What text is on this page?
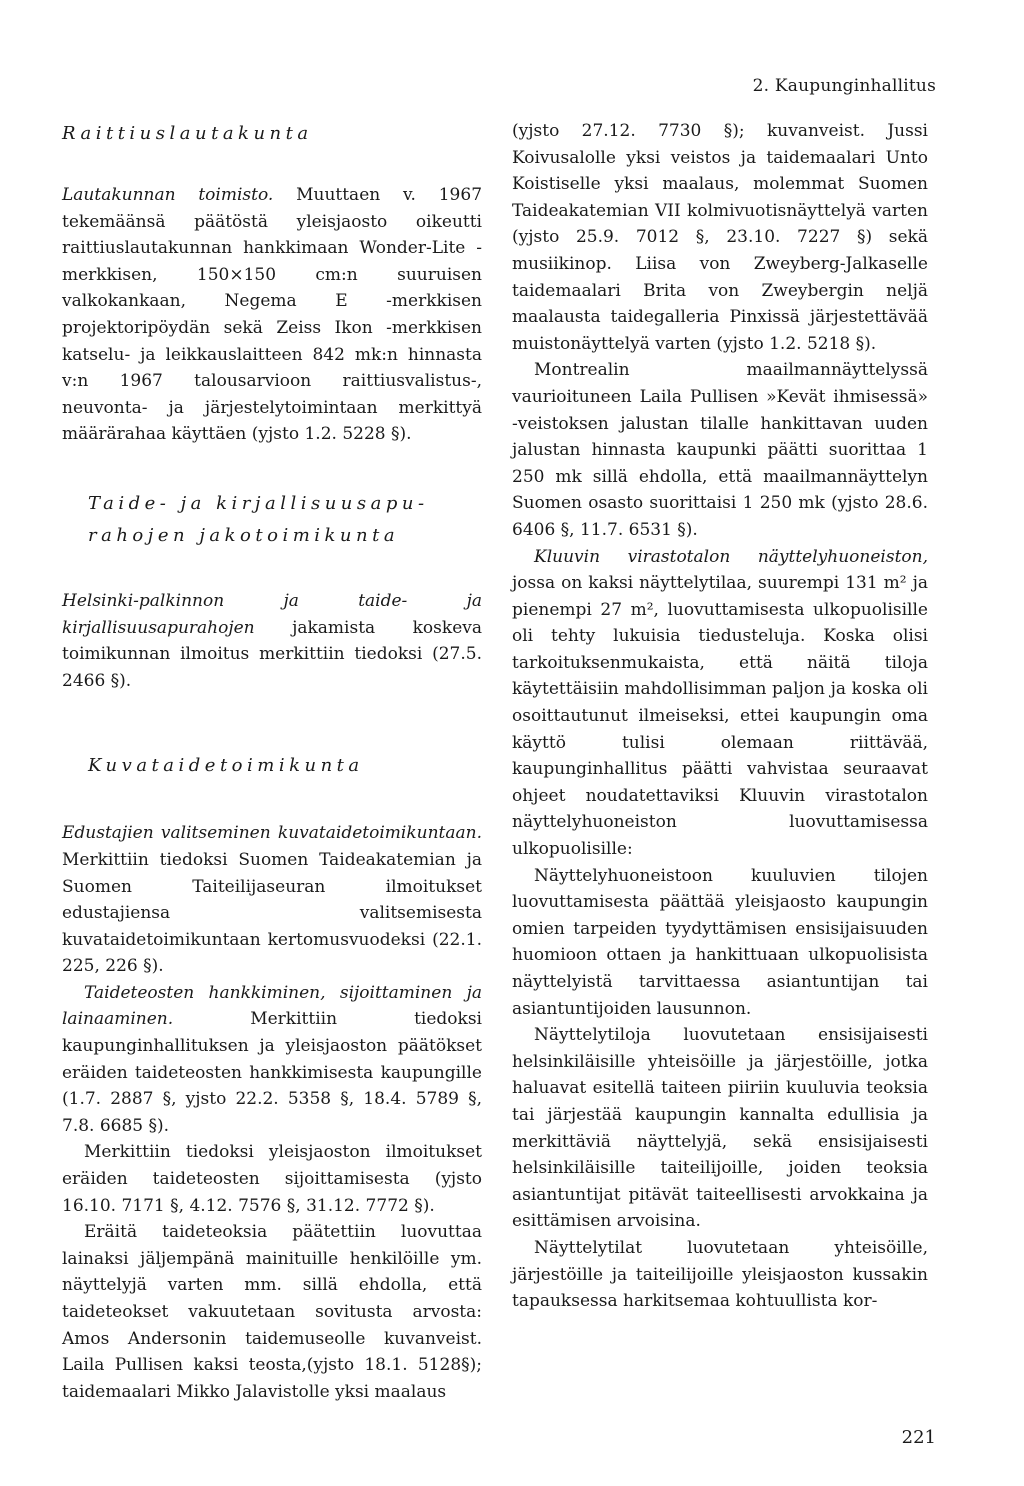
2. Kaupunginhallitus
Raittiuslautakunta

Lautakunnan toimisto. Muuttaen v. 1967 tekemäänsä päätöstä yleisjaosto oikeutti raittiuslautakunnan hankkimaan Wonder-Lite -merkkisen, 150×150 cm:n suuruisen valkokankaan, Negema E -merkkisen projektoripöydän sekä Zeiss Ikon -merkkisen katselu- ja leikkauslaitteen 842 mk:n hinnasta v:n 1967 talousarvioon raittiusvalistus-, neuvonta- ja järjestelytoimintaan merkittyä määrärahaa käyttäen (yjsto 1.2. 5228 §).

Taide- ja kirjallisuusapu-
rahojen jakotoimikunta

Helsinki-palkinnon ja taide- ja kirjallisuusapurahojen jakamista koskeva toimikunnan ilmoitus merkittiin tiedoksi (27.5. 2466 §).

Kuvataidetoimikunta

Edustajien valitseminen kuvataidetoimikuntaan. Merkittiin tiedoksi Suomen Taideakatemian ja Suomen Taiteilijaseuran ilmoitukset edustajiensa valitsemisesta kuvataidetoimikuntaan kertomusvuodeksi (22.1. 225, 226 §).

Taideteosten hankkiminen, sijoittaminen ja lainaaminen. Merkittiin tiedoksi kaupunginhallituksen ja yleisjaoston päätökset eräiden taideteosten hankkimisesta kaupungille (1.7. 2887 §, yjsto 22.2. 5358 §, 18.4. 5789 §, 7.8. 6685 §).

Merkittiin tiedoksi yleisjaoston ilmoitukset eräiden taideteosten sijoittamisesta (yjsto 16.10. 7171 §, 4.12. 7576 §, 31.12. 7772 §).

Eräitä taideteoksia päätettiin luovuttaa lainaksi jäljempänä mainituille henkilöille ym. näyttelyjä varten mm. sillä ehdolla, että taideteokset vakuutetaan sovitusta arvosta: Amos Andersonin taidemuseolle kuvanveist. Laila Pullisen kaksi teosta,(yjsto 18.1. 5128§); taidemaalari Mikko Jalavistolle yksi maalaus

(yjsto 27.12. 7730 §); kuvanveist. Jussi Koivusalolle yksi veistos ja taidemaalari Unto Koistiselle yksi maalaus, molemmat Suomen Taideakatemian VII kolmivuotisnäyttelyä varten (yjsto 25.9. 7012 §, 23.10. 7227 §) sekä musiikinop. Liisa von Zweyberg-Jalkaselle taidemaalari Brita von Zweybergin neljä maalausta taidegalleria Pinxissä järjestettävää muistonäyttelyä varten (yjsto 1.2. 5218 §).

Montrealin maailmannäyttelyssä vaurioituneen Laila Pullisen »Kevät ihmisessä» -veistoksen jalustan tilalle hankittavan uuden jalustan hinnasta kaupunki päätti suorittaa 1 250 mk sillä ehdolla, että maailmannäyttelyn Suomen osasto suorittaisi 1 250 mk (yjsto 28.6. 6406 §, 11.7. 6531 §).

Kluuvin virastotalon näyttelyhuoneiston, jossa on kaksi näyttelytilaa, suurempi 131 m² ja pienempi 27 m², luovuttamisesta ulkopuolisille oli tehty lukuisia tiedusteluja. Koska olisi tarkoituksenmukaista, että näitä tiloja käytettäisiin mahdollisimman paljon ja koska oli osoittautunut ilmeiseksi, ettei kaupungin oma käyttö tulisi olemaan riittävää, kaupunginhallitus päätti vahvistaa seuraavat ohjeet noudatettaviksi Kluuvin virastotalon näyttelyhuoneiston luovuttamisessa ulkopuolisille:

Näyttelyhuoneistoon kuuluvien tilojen luovuttamisesta päättää yleisjaosto kaupungin omien tarpeiden tyydyttämisen ensisijaisuuden huomioon ottaen ja hankittuaan ulkopuolisista näyttelyistä tarvittaessa asiantuntijan tai asiantuntijoiden lausunnon.

Näyttelytiloja luovutetaan ensisijaisesti helsinkiläisille yhteisöille ja järjestöille, jotka haluavat esitellä taiteen piiriin kuuluvia teoksia tai järjestää kaupungin kannalta edullisia ja merkittäviä näyttelyjä, sekä ensisijaisesti helsinkiläisille taiteilijoille, joiden teoksia asiantuntijat pitävät taiteellisesti arvokkaina ja esittämisen arvoisina.

Näyttelytilat luovutetaan yhteisöille, järjestöille ja taiteilijoille yleisjaoston kussakin tapauksessa harkitsemaa kohtuullista kor-

221
